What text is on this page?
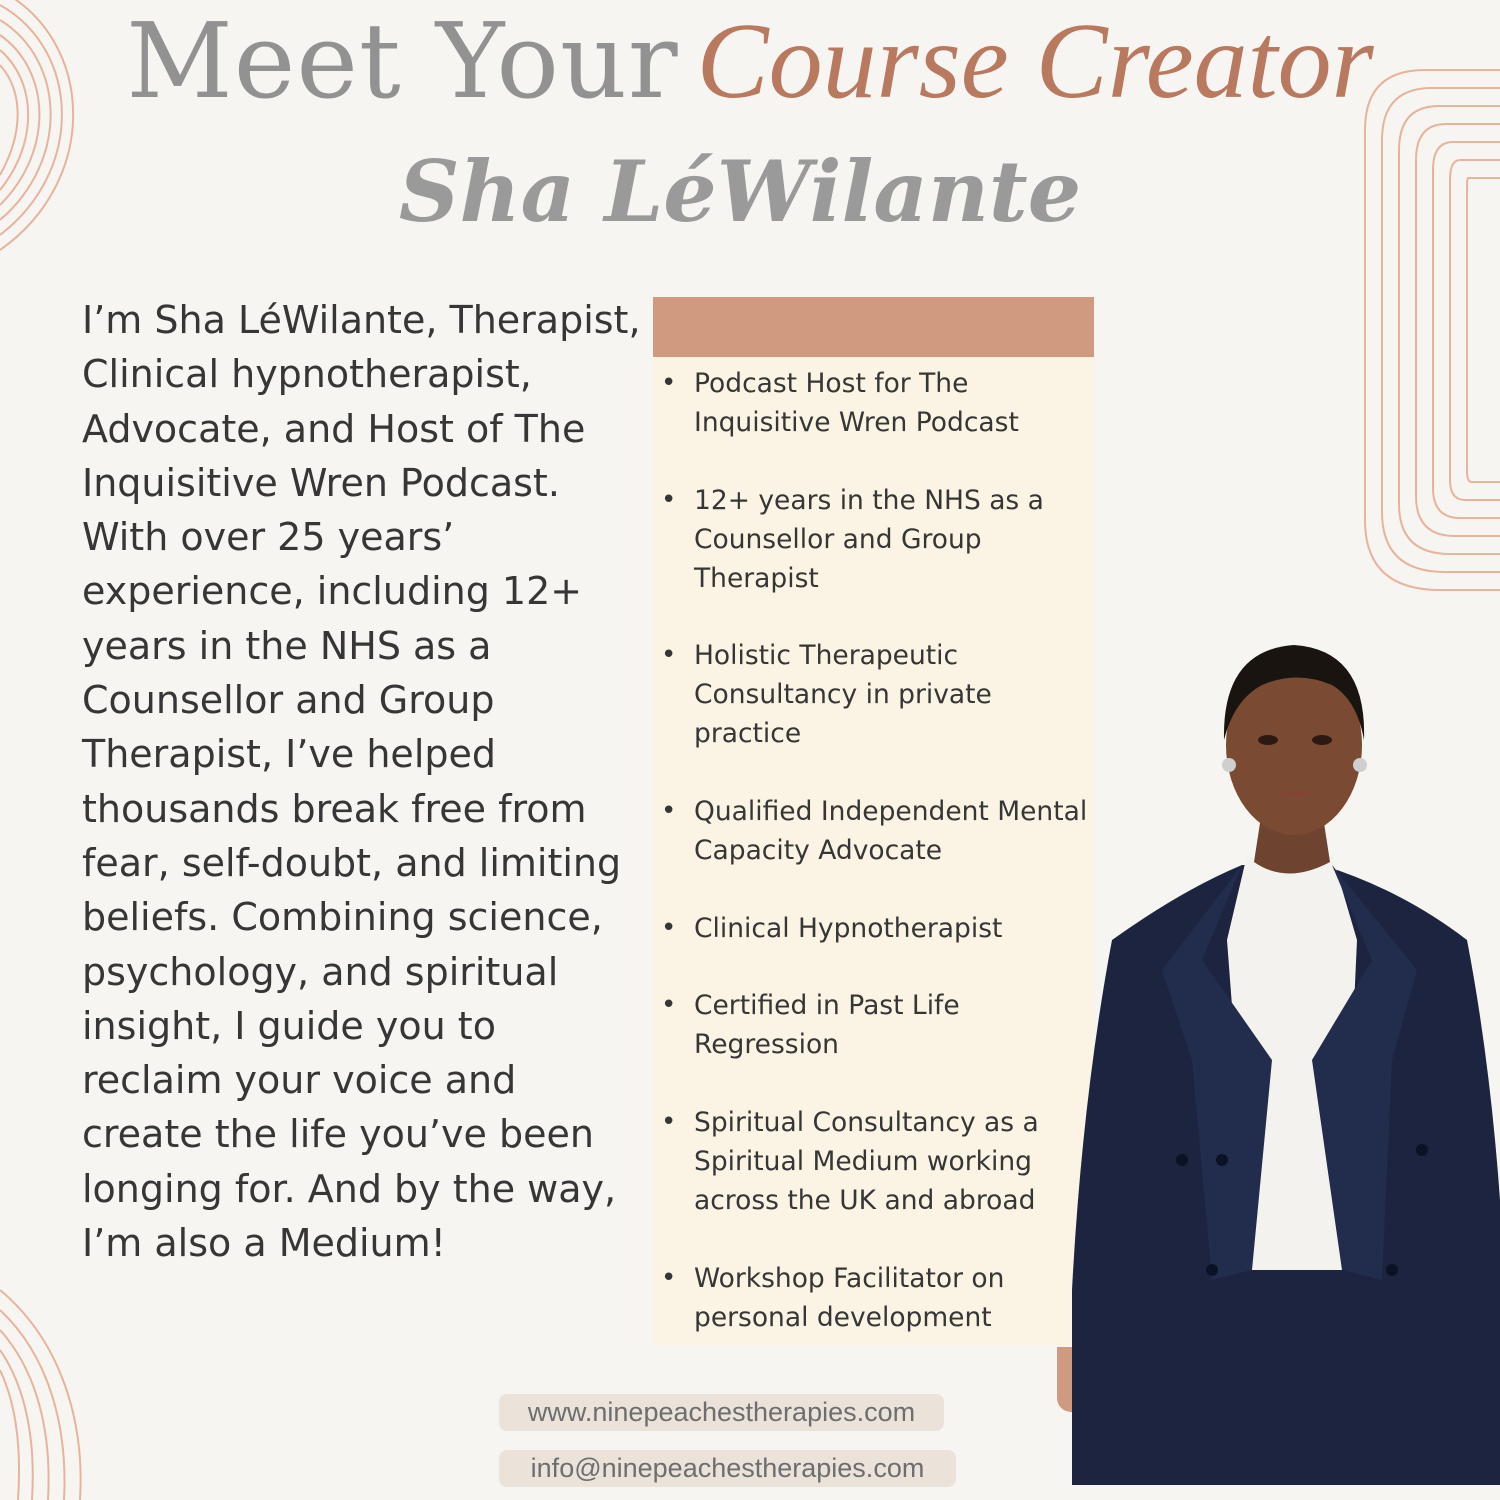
Meet Your Course Creator
Sha LéWilante

I’m Sha LéWilante, Therapist, Clinical hypnotherapist, Advocate, and Host of The Inquisitive Wren Podcast. With over 25 years’ experience, including 12+ years in the NHS as a Counsellor and Group Therapist, I’ve helped thousands break free from fear, self-doubt, and limiting beliefs. Combining science, psychology, and spiritual insight, I guide you to reclaim your voice and create the life you’ve been longing for. And by the way, I’m also a Medium!

• Podcast Host for The Inquisitive Wren Podcast
• 12+ years in the NHS as a Counsellor and Group Therapist
• Holistic Therapeutic Consultancy in private practice
• Qualified Independent Mental Capacity Advocate
• Clinical Hypnotherapist
• Certified in Past Life Regression
• Spiritual Consultancy as a Spiritual Medium working across the UK and abroad
• Workshop Facilitator on personal development
www.ninepeachestherapies.com
info@ninepeachestherapies.com
